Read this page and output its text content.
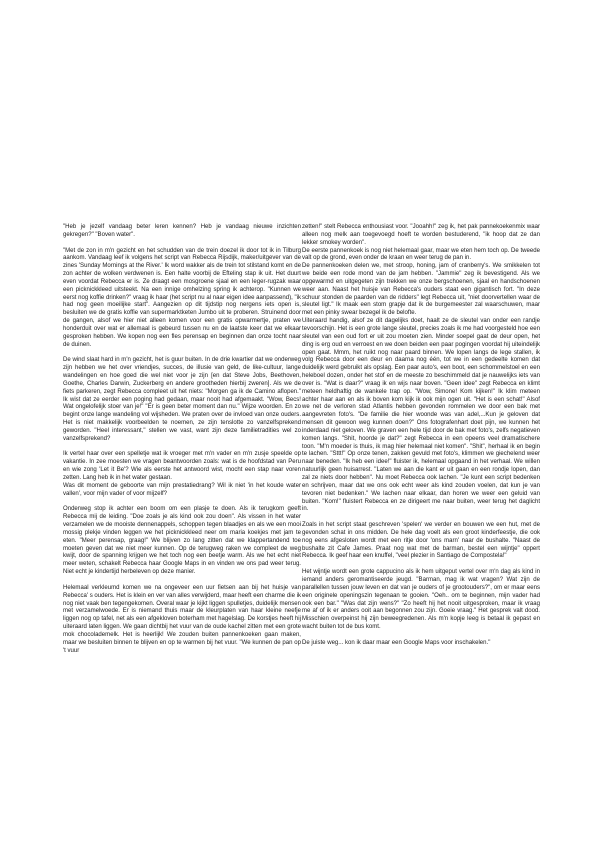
"Heb je jezelf vandaag beter leren kennen? Heb je vandaag nieuwe inzichten gekregen?" "Boven water".

"Met de zon in m'n gezicht en het schudden van de trein doezel ik door tot ik in Tilburg aankom. Vandaag leef ik volgens het script van Rebecca Rijsdijk, maker/uitgever van de zines 'Sunday Mornings at the River.' Ik word wakker als de trein tot stilstand komt en de zon achter de wolken verdwenen is. Een halte voorbij de Efteling stap ik uit. Het duurt even voordat Rebecca er is. Ze draagt een mosgroene sjaal en een leger-rugzak waar een picknickkleed uitsteekt. Na een innige omhelzing spring ik achterop. "Kunnen we eerst nog koffie drinken?" vraag ik haar (het script nu al naar eigen idee aanpassend), "ik had nog geen moeilijke start". Aangezien op dit tijdstip nog nergens iets open is, besluiten we de gratis koffie van supermarktketen Jumbo uit te proberen. Struinend door de gangen, alsof we hier niet alleen komen voor een gratis opwarmertje, praten we honderduit over wat er allemaal is gebeurd tussen nu en de laatste keer dat we elkaar gesproken hebben. We kopen nog een fles perensap en beginnen dan onze tocht naar de duinen.

De wind slaat hard in m'n gezicht, het is guur buiten. In de drie kwartier dat we onderweg zijn hebben we het over vriendjes, succes, de illusie van geld, de like-cultuur, lange wandelingen en hoe goed die wel niet voor je zijn [en dat Steve Jobs, Beethoven, Goethe, Charles Darwin, Zuckerberg en andere grootheden hierbij zweren]. Als we de fiets parkeren, zegt Rebecca compleet uit het niets: "Morgen ga ik de Camino aflopen." Ik wist dat ze eerder een poging had gedaan, maar nooit had afgemaakt. "Wow, Becs! Wat ongelofelijk stoer van je!" "Er is geen beter moment dan nu." Wijze woorden. En zo begint onze lange wandeling vol wijsheden. We praten over de invloed van onze ouders. Het is niet makkelijk voorbeelden te noemen, ze zijn tenslotte zo vanzelfsprekend geworden. "Heel interessant," stellen we vast, want zijn deze familietradities wel zo vanzelfsprekend?

Ik vertel haar over een spelletje wat ik vroeger met m'n vader en m'n zusje speelde op vakantie. In zee moesten we vragen beantwoorden zoals: wat is de hoofdstad van Peru en wie zong 'Let it Be'? Wie als eerste het antwoord wist, mocht een stap naar voren zetten. Lang heb ik in het water gestaan.
Was dit moment de geboorte van mijn prestatiedrang? Wil ik niet 'in het koude water vallen', voor mijn vader of voor mijzelf?

Onderweg stop ik achter een boom om een plasje te doen. Als ik terugkom geeft Rebecca mij de leiding. "Doe zoals je als kind ook zou doen". Als vissen in het water verzamelen we de mooiste dennenappels, schoppen tegen blaadjes en als we een mooi mossig plekje vinden leggen we het picknickkleed neer om maria koekjes met jam te eten. "Meer perensap, graag!" We blijven zo lang zitten dat we klappertandend toe moeten geven dat we niet meer kunnen. Op de terugweg raken we compleet de weg kwijt, door de spanning krijgen we het toch nog een beetje warm. Als we het echt niet meer weten, schakelt Rebecca haar Google Maps in en vinden we ons pad weer terug. Niet echt je kindertijd herbeleven op deze manier.

Helemaal verkleumd komen we na ongeveer een uur fietsen aan bij het huisje van Rebecca' s ouders. Het is klein en ver van alles verwijderd, maar heeft een charme die ik nog niet vaak ben tegengekomen. Overal waar je kijkt liggen spulletjes, duidelijk mensen met verzamelwoede. Er is niemand thuis maar de kleurplaten van haar kleine neefje liggen nog op tafel, net als een afgekloven boterham met hagelslag. De korstjes heeft hij uiteraard laten liggen. We gaan dichtbij het vuur van de oude kachel zitten met een grote mok chocolademelk. Het is heerlijk! We zouden buiten pannenkoeken gaan maken, maar we besluiten binnen te blijven en op te warmen bij het vuur. "We kunnen de pan op 't vuur

zetten!" stelt Rebecca enthousiast voor. "Jooahh!" zeg ik, het pak pannekoekenmix waar alleen nog melk aan toegevoegd hoeft te worden bestuderend, "ik hoop dat ze dan lekker smokey worden".
De eerste pannenkoek is nog niet helemaal gaar, maar we eten hem toch op. De tweede valt op de grond, even onder de kraan en weer terug de pan in.
De pannenkoeken delen we, met stroop, honing, jam of cranberry's. We smikkelen tot we beide een rode mond van de jam hebben. "Jammie" zeg ik bevestigend. Als we opgewarmd en uitgegeten zijn trekken we onze bergschoenen, sjaal en handschoenen weer aan. Naast het huisje van Rebecca's ouders staat een gigantisch fort. "In deze schuur stonden de paarden van de ridders" legt Rebecca uit, "niet doorvertellen waar de sleutel ligt." Ik maak een stom grapje dat ik de burgemeester zal waarschuwen, maar met een pinky swear bezegel ik de belofte.
Uiteraard handig, alsof ze dit dagelijks doet, haalt ze de sleutel van onder een randje tevoorschijn. Het is een grote lange sleutel, precies zoals ik me had voorgesteld hoe een sleutel van een oud fort er uit zou moeten zien. Minder soepel gaat de deur open, het ding is erg oud en verroest en we doen beiden een paar pogingen voordat hij uiteindelijk open gaat. Mmm, het ruikt nog naar paard binnen. We lopen langs de lege stallen, ik volg Rebecca door een deur en daarna nog één, tot we in een gedeelte komen dat duidelijk werd gebruikt als opslag. Een paar auto's, een boot, een schommelstoel en een heleboel dozen, onder het stof en de meeste zo beschimmeld dat je nauwelijks iets van over is. "Wat is daar?" vraag ik en wijs naar boven. "Geen idee" zegt Rebecca en klimt meteen heldhaftig de wankele trap op. "Wow, Simone! Kom kijken!" Ik klim meteen achter haar aan en als ik boven kom kijk ik ook mijn ogen uit. "Het is een schat!" Alsof we net de verloren stad Atlantis hebben gevonden rommelen we door een bak met aangevreten foto's. "De familie die hier woonde was van adel,...Kun je geloven dat mensen dit gewoon weg kunnen doen?" Ons fotografenhart doet pijn, we kunnen het inderdaad niet geloven. We graven een hele tijd door de bak met foto's, zelfs negatieven komen langs. "Shit, hoorde je dat?" zegt Rebecca in een opeens veel dramatischere toon. "M'n moeder is thuis, ik mag hier helemaal niet komen". "Shit", herhaal ik en begin te lachen. "Sttt!" Op onze tenen, zakken gevuld met foto's, klimmen we giechelend weer naar beneden. "Ik heb een idee!" fluister ik, helemaal opgaand in het verhaal. We willen natuurlijk geen huisarrest. "Laten we aan die kant er uit gaan en een rondje lopen, dan zal ze niets door hebben". Nu moet Rebecca ook lachen. "Je kunt een script bedenken en schrijven, maar dat we ons ook echt weer als kind zouden voelen, dat kun je van tevoren niet bedenken." We lachen naar elkaar, dan horen we weer een geluid van buiten. "Kom!" fluistert Rebecca en ze dirigeert me naar buiten, weer terug het daglicht in.

Zoals in het script staat geschreven 'spelen' we verder en bouwen we een hut, met de gevonden schat in ons midden. De hele dag voelt als een groot kinderfeestje, die ook nog eens afgesloten wordt met een ritje door 'ons marn' naar de bushalte. "Naast de bushalte zit Cafe James. Praat nog wat met de barman, bestel een wijntje" oppert Rebecca. Ik geef haar een knuffel, "veel plezier in Santiago de Compostela!"

Het wijntje wordt een grote cappucino als ik hem uitgeput vertel over m'n dag als kind in iemand anders geromantiseerde jeugd. "Barman, mag ik wat vragen? Wat zijn de parallellen tussen jouw leven en dat van je ouders of je grootouders?", om er maar eens een originele openingszin tegenaan te gooien. "Oeh.. om te beginnen, mijn vader had ook een bar." "Was dat zijn wens?" "Zo heeft hij het nooit uitgesproken, maar ik vraag me af of ik er anders ooit aan begonnen zou zijn. Goeie vraag." Het gesprek valt dood. Misschien overpeinst hij zijn beweegredenen. Als m'n kopje leeg is betaal ik gepast en wacht buiten tot de bus komt.

De juiste weg... kon ik daar maar een Google Maps voor inschakelen."
